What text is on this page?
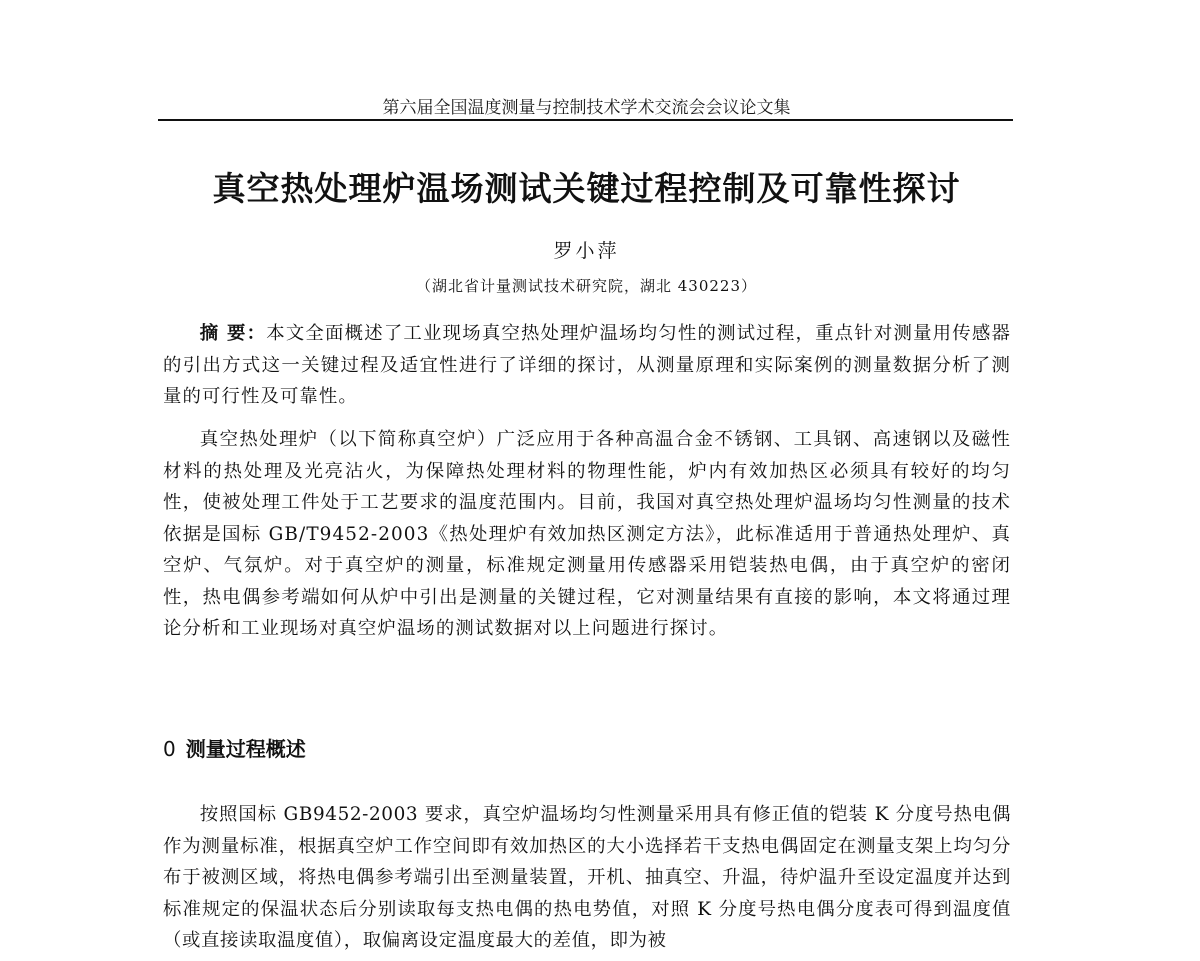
第六届全国温度测量与控制技术学术交流会会议论文集
真空热处理炉温场测试关键过程控制及可靠性探讨
罗小萍
（湖北省计量测试技术研究院，湖北 430223）

摘 要：本文全面概述了工业现场真空热处理炉温场均匀性的测试过程，重点针对测量用传感器的引出方式这一关键过程及适宜性进行了详细的探讨，从测量原理和实际案例的测量数据分析了测量的可行性及可靠性。

真空热处理炉（以下简称真空炉）广泛应用于各种高温合金不锈钢、工具钢、高速钢以及磁性材料的热处理及光亮沾火，为保障热处理材料的物理性能，炉内有效加热区必须具有较好的均匀性，使被处理工件处于工艺要求的温度范围内。目前，我国对真空热处理炉温场均匀性测量的技术依据是国标 GB/T9452-2003《热处理炉有效加热区测定方法》，此标准适用于普通热处理炉、真空炉、气氛炉。对于真空炉的测量，标准规定测量用传感器采用铠装热电偶，由于真空炉的密闭性，热电偶参考端如何从炉中引出是测量的关键过程，它对测量结果有直接的影响，本文将通过理论分析和工业现场对真空炉温场的测试数据对以上问题进行探讨。

0 测量过程概述

按照国标 GB9452-2003 要求，真空炉温场均匀性测量采用具有修正值的铠装 K 分度号热电偶作为测量标准，根据真空炉工作空间即有效加热区的大小选择若干支热电偶固定在测量支架上均匀分布于被测区域，将热电偶参考端引出至测量装置，开机、抽真空、升温，待炉温升至设定温度并达到标准规定的保温状态后分别读取每支热电偶的热电势值，对照 K 分度号热电偶分度表可得到温度值（或直接读取温度值），取偏离设定温度最大的差值，即为被
